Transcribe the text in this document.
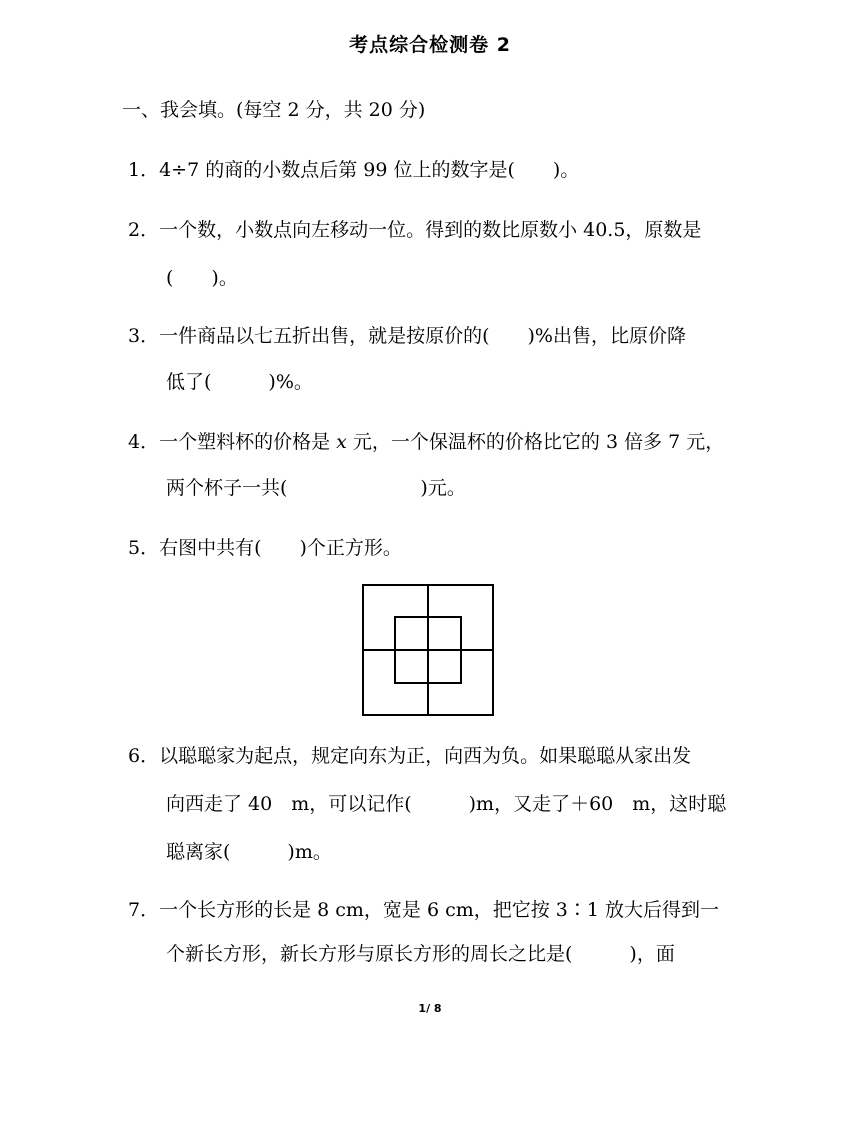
考点综合检测卷 2
一、我会填。(每空 2 分，共 20 分)
1．4÷7 的商的小数点后第 99 位上的数字是(　　)。
2．一个数，小数点向左移动一位。得到的数比原数小 40.5，原数是
(　　)。
3．一件商品以七五折出售，就是按原价的(　　)%出售，比原价降
低了(　　　)%。
4．一个塑料杯的价格是 x 元，一个保温杯的价格比它的 3 倍多 7 元，
两个杯子一共(　　　　　　　)元。
5．右图中共有(　　)个正方形。
6．以聪聪家为起点，规定向东为正，向西为负。如果聪聪从家出发
向西走了 40　m，可以记作(　　　)m，又走了＋60　m，这时聪
聪离家(　　　)m。
7．一个长方形的长是 8 cm，宽是 6 cm，把它按 3∶1 放大后得到一
个新长方形，新长方形与原长方形的周长之比是(　　　)，面
1/ 8
